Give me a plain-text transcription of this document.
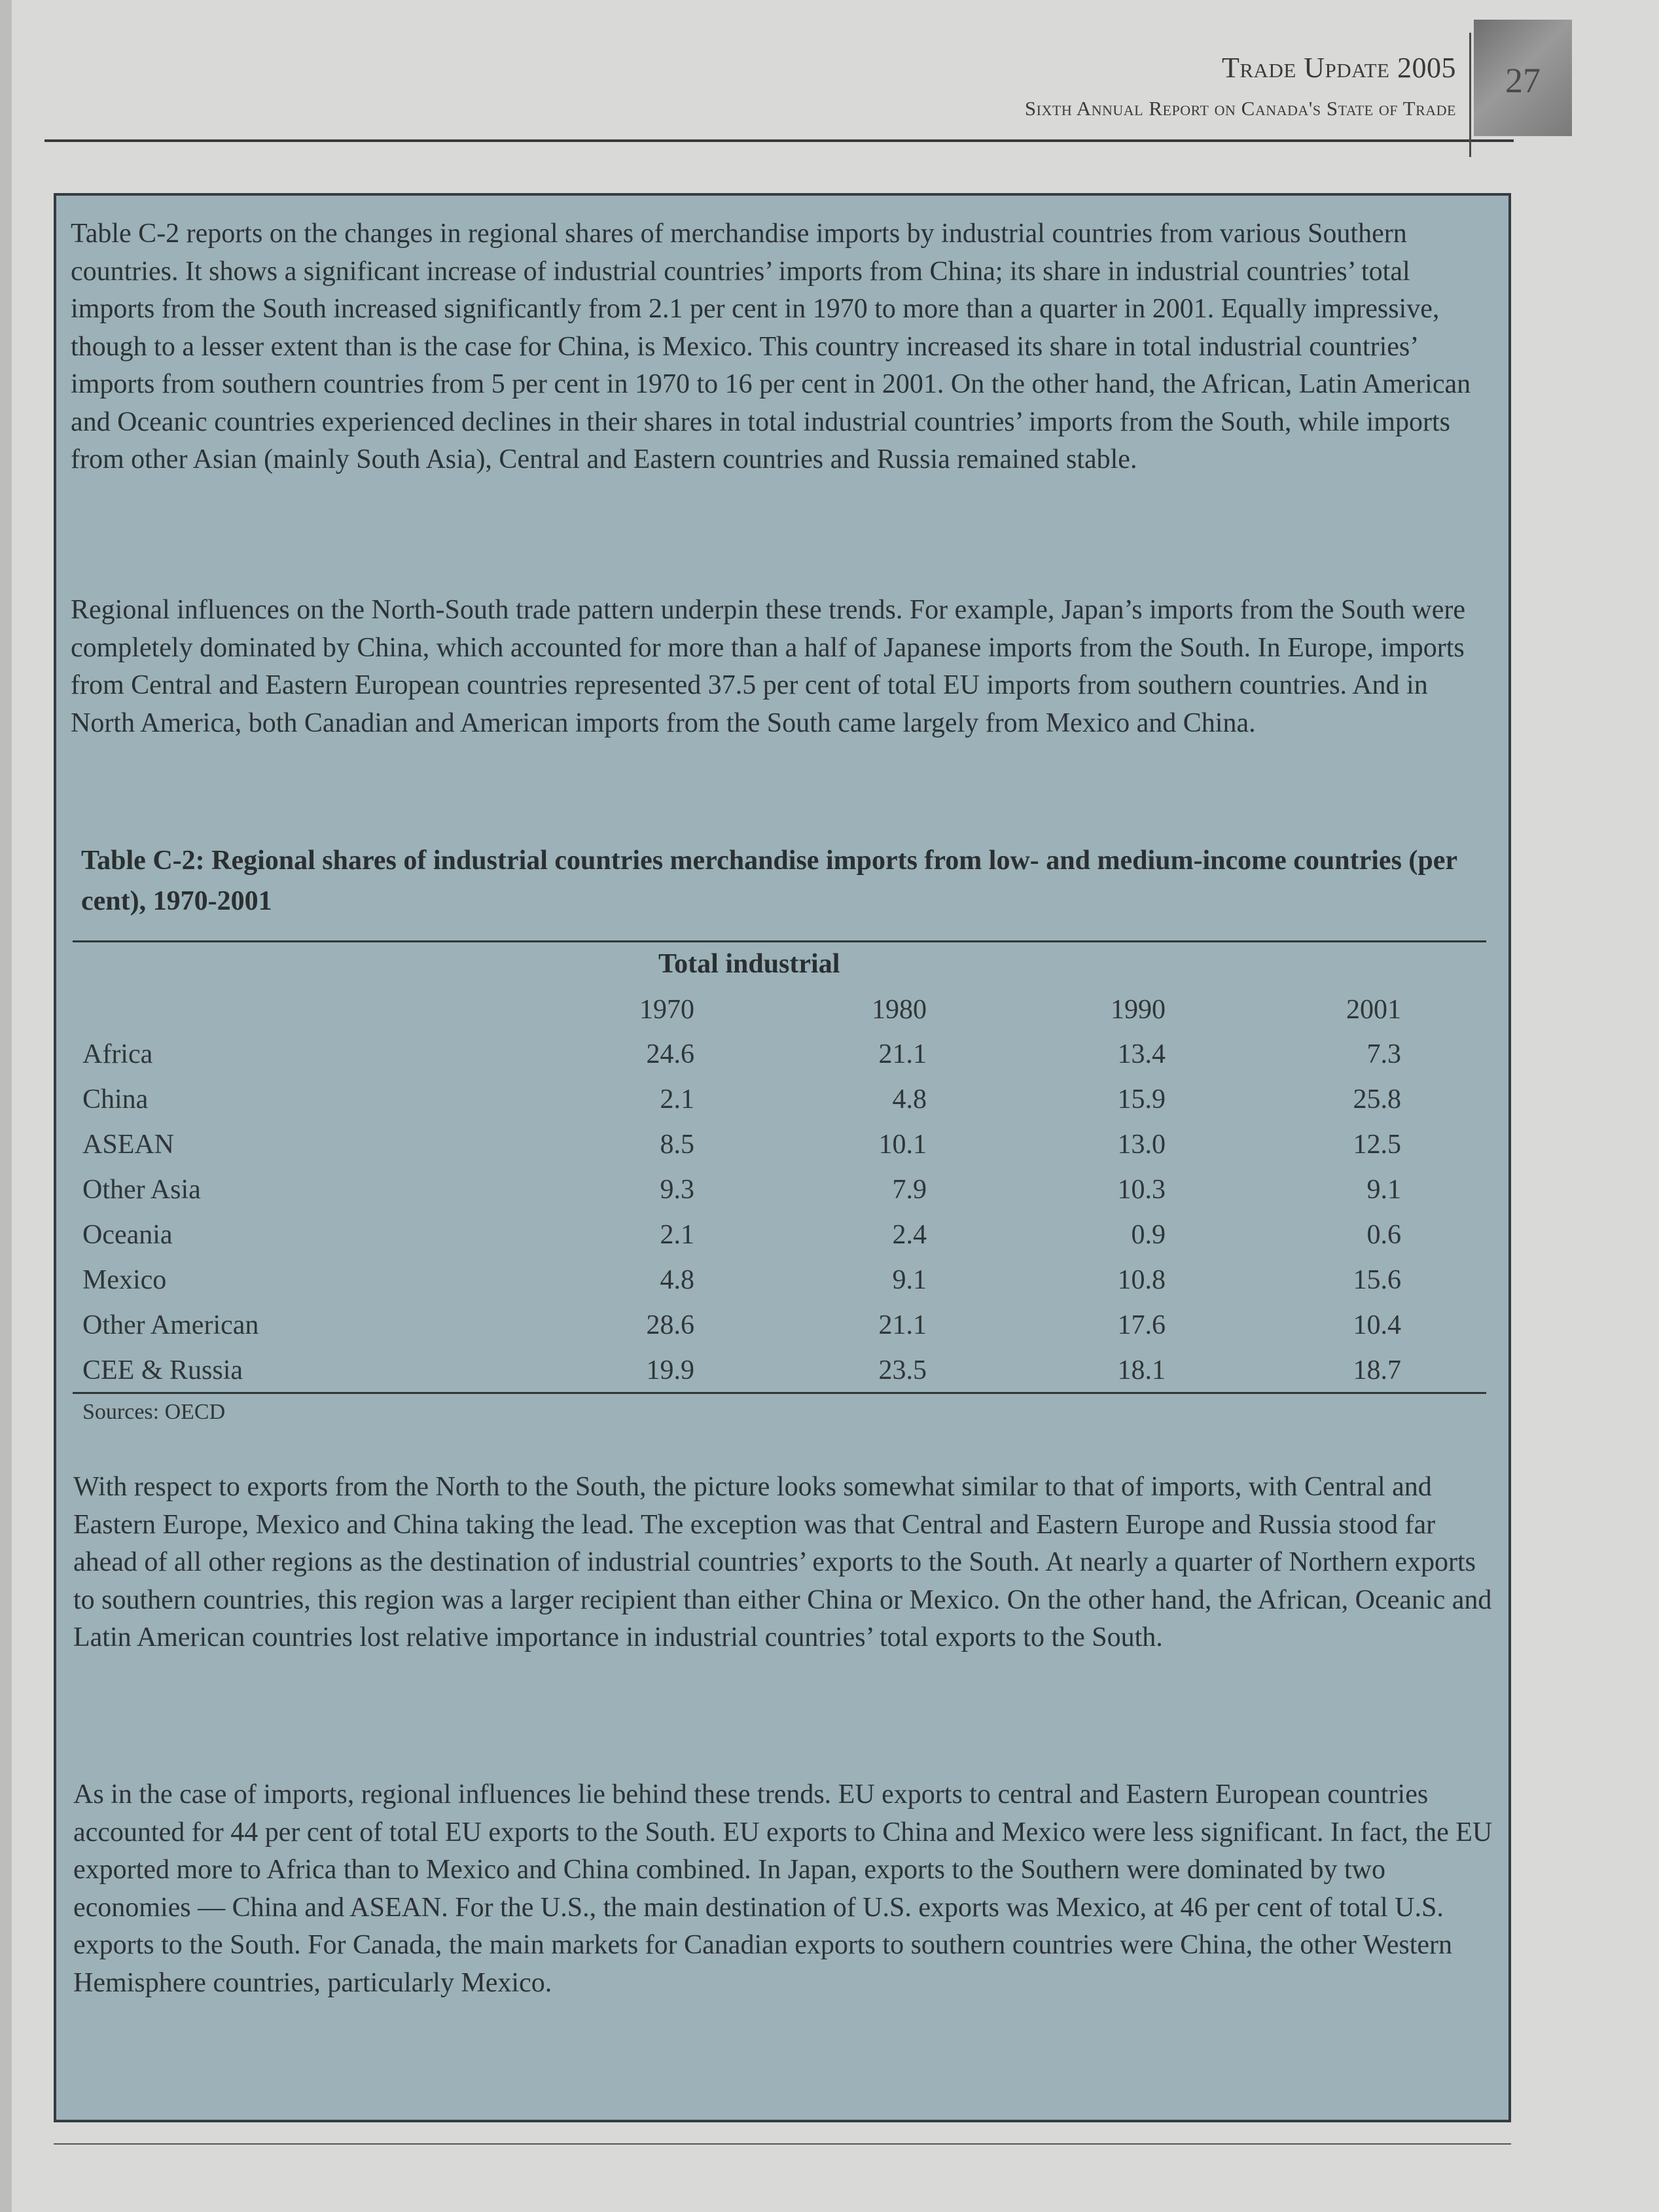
Trade Update 2005
Sixth Annual Report on Canada's State of Trade
27

Table C-2 reports on the changes in regional shares of merchandise imports by industrial countries from various Southern countries. It shows a significant increase of industrial countries’ imports from China; its share in industrial countries’ total imports from the South increased significantly from 2.1 per cent in 1970 to more than a quarter in 2001. Equally impressive, though to a lesser extent than is the case for China, is Mexico. This country increased its share in total industrial countries’ imports from southern countries from 5 per cent in 1970 to 16 per cent in 2001. On the other hand, the African, Latin American and Oceanic countries experienced declines in their shares in total industrial countries’ imports from the South, while imports from other Asian (mainly South Asia), Central and Eastern countries and Russia remained stable.

Regional influences on the North-South trade pattern underpin these trends. For example, Japan’s imports from the South were completely dominated by China, which accounted for more than a half of Japanese imports from the South. In Europe, imports from Central and Eastern European countries represented 37.5 per cent of total EU imports from southern countries. And in North America, both Canadian and American imports from the South came largely from Mexico and China.

Table C-2: Regional shares of industrial countries merchandise imports from low- and medium-income countries (per cent), 1970-2001
Total industrial
1970	1980	1990	2001
Africa	24.6	21.1	13.4	7.3
China	2.1	4.8	15.9	25.8
ASEAN	8.5	10.1	13.0	12.5
Other Asia	9.3	7.9	10.3	9.1
Oceania	2.1	2.4	0.9	0.6
Mexico	4.8	9.1	10.8	15.6
Other American	28.6	21.1	17.6	10.4
CEE & Russia	19.9	23.5	18.1	18.7
Sources: OECD

With respect to exports from the North to the South, the picture looks somewhat similar to that of imports, with Central and Eastern Europe, Mexico and China taking the lead. The exception was that Central and Eastern Europe and Russia stood far ahead of all other regions as the destination of industrial countries’ exports to the South. At nearly a quarter of Northern exports to southern countries, this region was a larger recipient than either China or Mexico. On the other hand, the African, Oceanic and Latin American countries lost relative importance in industrial countries’ total exports to the South.

As in the case of imports, regional influences lie behind these trends. EU exports to central and Eastern European countries accounted for 44 per cent of total EU exports to the South. EU exports to China and Mexico were less significant. In fact, the EU exported more to Africa than to Mexico and China combined. In Japan, exports to the Southern were dominated by two economies — China and ASEAN. For the U.S., the main destination of U.S. exports was Mexico, at 46 per cent of total U.S. exports to the South. For Canada, the main markets for Canadian exports to southern countries were China, the other Western Hemisphere countries, particularly Mexico.
